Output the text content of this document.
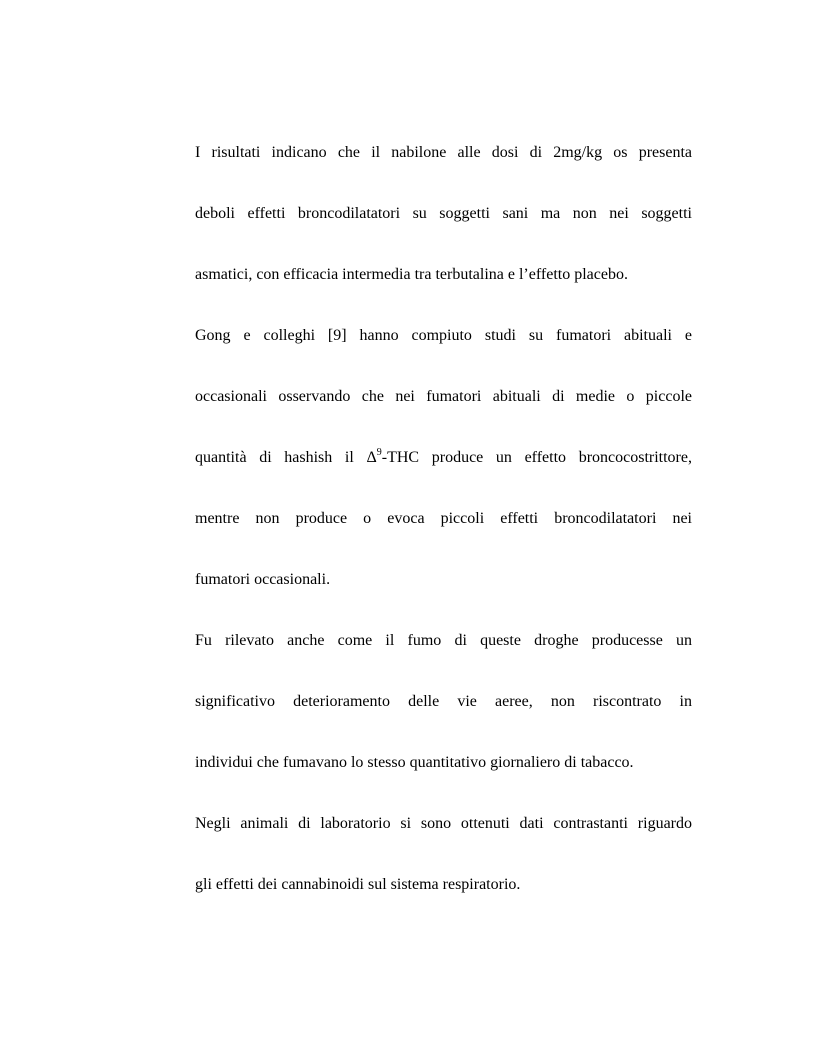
I risultati indicano che il nabilone alle dosi di 2mg/kg os presenta
deboli effetti broncodilatatori su soggetti sani ma non nei soggetti
asmatici, con efficacia intermedia tra terbutalina e l’effetto placebo.
Gong e colleghi [9] hanno compiuto studi su fumatori abituali e
occasionali osservando che nei fumatori abituali di medie o piccole
quantità di hashish il $\Delta^9$-THC produce un effetto broncocostrittore,
mentre non produce o evoca piccoli effetti broncodilatatori nei
fumatori occasionali.
Fu rilevato anche come il fumo di queste droghe producesse un
significativo deterioramento delle vie aeree, non riscontrato in
individui che fumavano lo stesso quantitativo giornaliero di tabacco.
Negli animali di laboratorio si sono ottenuti dati contrastanti riguardo
gli effetti dei cannabinoidi sul sistema respiratorio.
